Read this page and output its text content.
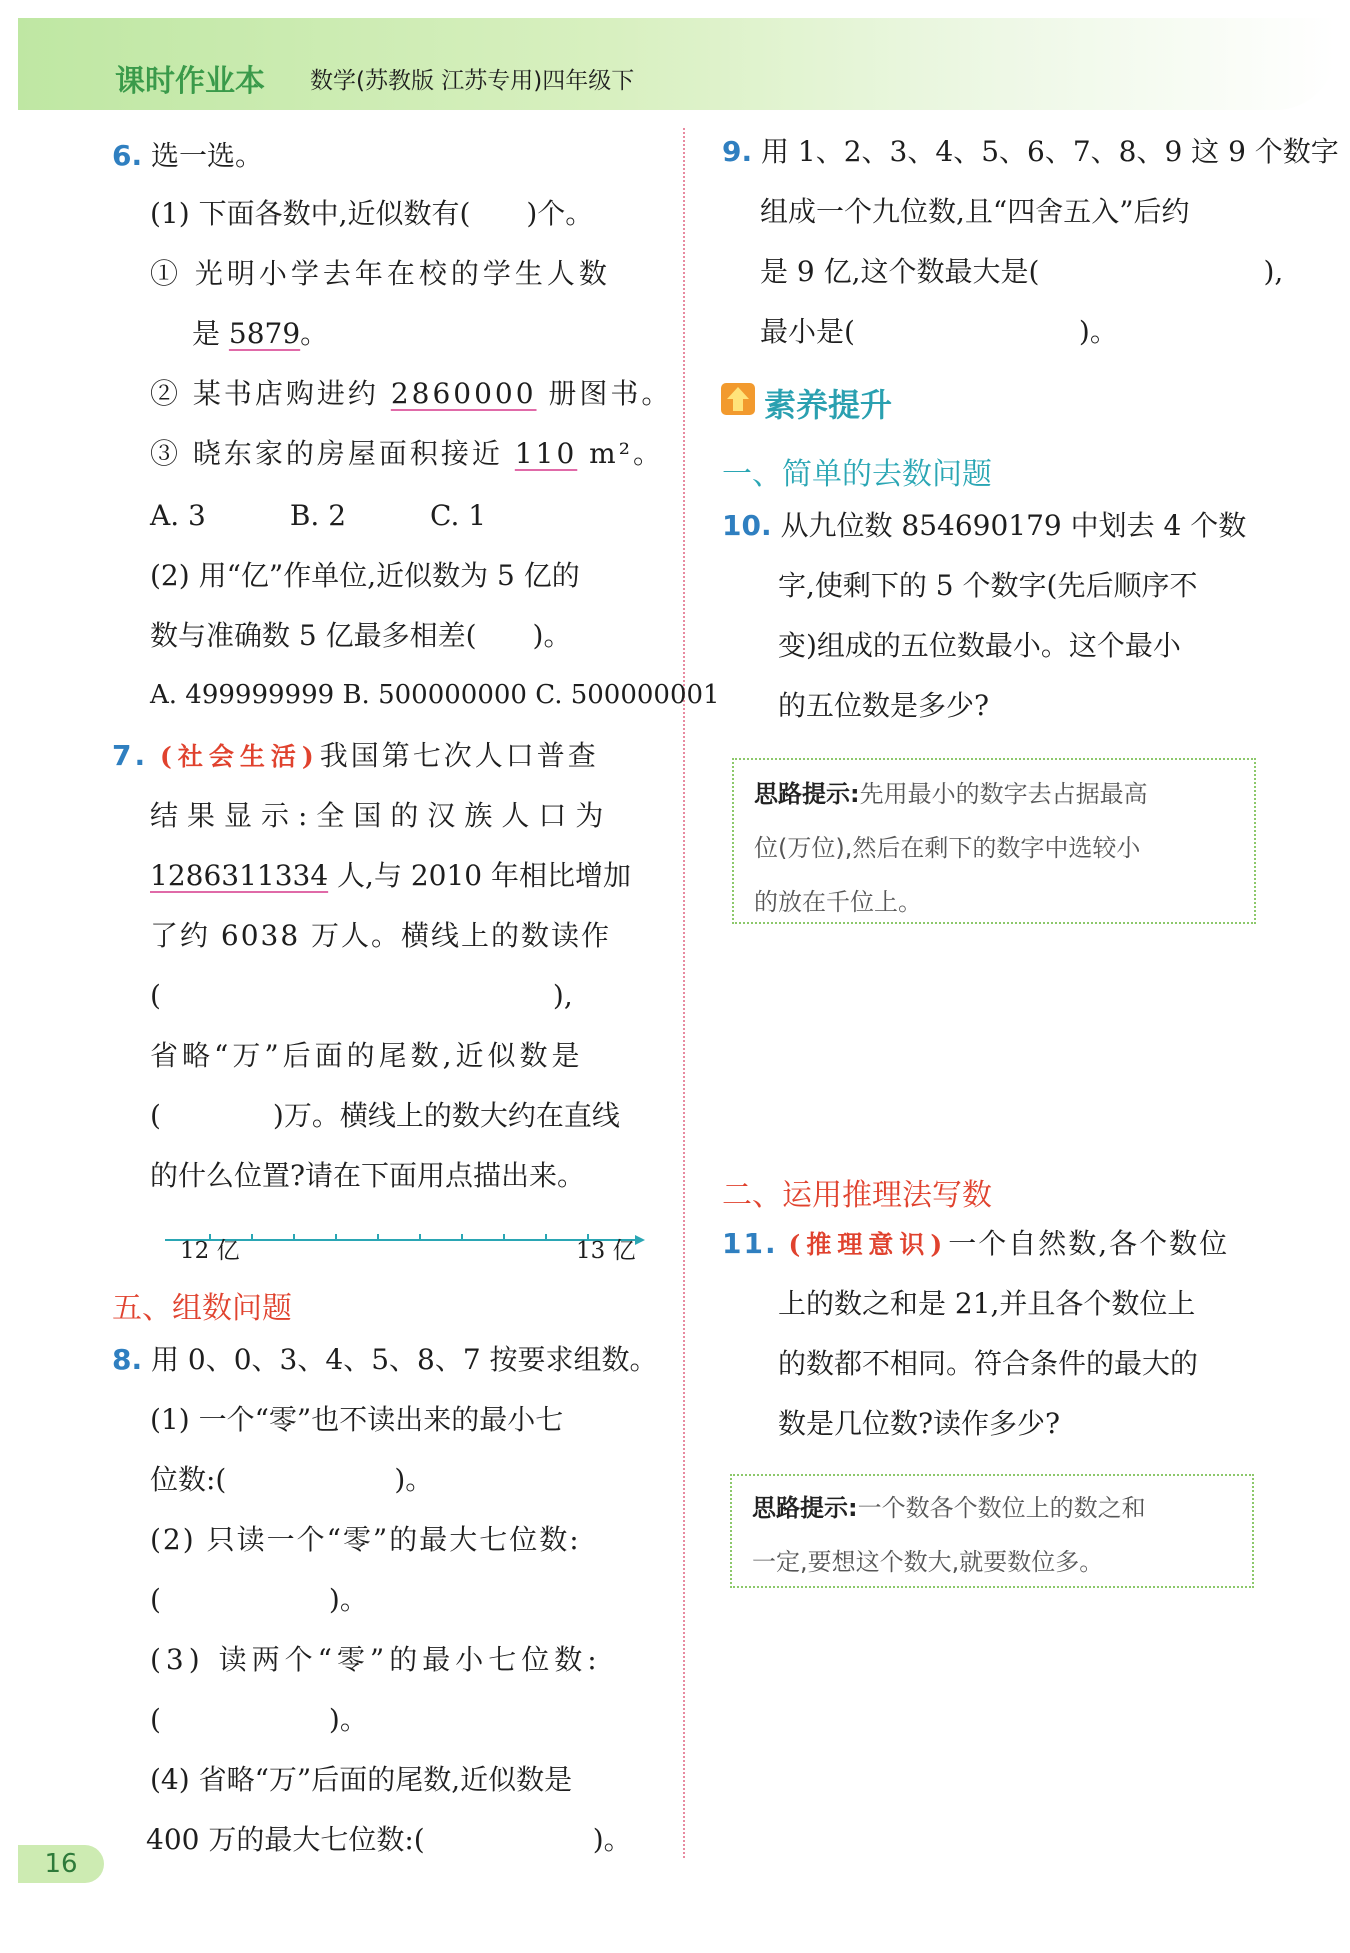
课时作业本 数学(苏教版 江苏专用)四年级下
6. 选一选。
(1) 下面各数中,近似数有(　　)个。
① 光明小学去年在校的学生人数
是 5879。
② 某书店购进约 2860000 册图书。
③ 晓东家的房屋面积接近 110 m²。
A. 3　　　B. 2　　　C. 1
(2) 用“亿”作单位,近似数为 5 亿的
数与准确数 5 亿最多相差(　　)。
A. 499999999 B. 500000000 C. 500000001
7. (社会生活)我国第七次人口普查
结果显示:全国的汉族人口为
1286311334 人,与 2010 年相比增加
了约 6038 万人。横线上的数读作
(　　　　　　　　　　　　　　),
省略“万”后面的尾数,近似数是
(　　　　)万。横线上的数大约在直线
的什么位置?请在下面用点描出来。
12 亿	13 亿
五、组数问题
8. 用 0、0、3、4、5、8、7 按要求组数。
(1) 一个“零”也不读出来的最小七
位数:(　　　　　　)。
(2) 只读一个“零”的最大七位数:
(　　　　　　)。
(3) 读两个“零”的最小七位数:
(　　　　　　)。
(4) 省略“万”后面的尾数,近似数是
400 万的最大七位数:(　　　　　　)。
9. 用 1、2、3、4、5、6、7、8、9 这 9 个数字
组成一个九位数,且“四舍五入”后约
是 9 亿,这个数最大是(　　　　　　　　),
最小是(　　　　　　　　)。
素养提升
一、简单的去数问题
10. 从九位数 854690179 中划去 4 个数
字,使剩下的 5 个数字(先后顺序不
变)组成的五位数最小。这个最小
的五位数是多少?
思路提示:先用最小的数字去占据最高
位(万位),然后在剩下的数字中选较小
的放在千位上。
二、运用推理法写数
11. (推理意识)一个自然数,各个数位
上的数之和是 21,并且各个数位上
的数都不相同。符合条件的最大的
数是几位数?读作多少?
思路提示:一个数各个数位上的数之和
一定,要想这个数大,就要数位多。
16
